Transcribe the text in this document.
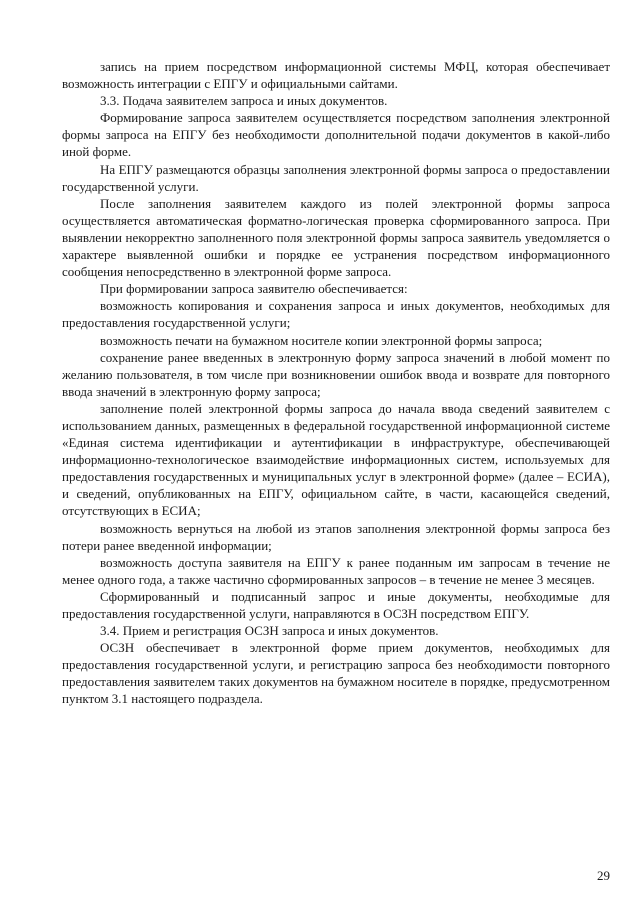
запись на прием посредством информационной системы МФЦ, которая обеспечивает возможность интеграции с ЕПГУ и официальными сайтами.

3.3. Подача заявителем запроса и иных документов.

Формирование запроса заявителем осуществляется посредством заполнения электронной формы запроса на ЕПГУ без необходимости дополнительной подачи документов в какой-либо иной форме.

На ЕПГУ размещаются образцы заполнения электронной формы запроса о предоставлении государственной услуги.

После заполнения заявителем каждого из полей электронной формы запроса осуществляется автоматическая форматно-логическая проверка сформированного запроса. При выявлении некорректно заполненного поля электронной формы запроса заявитель уведомляется о характере выявленной ошибки и порядке ее устранения посредством информационного сообщения непосредственно в электронной форме запроса.

При формировании запроса заявителю обеспечивается:

возможность копирования и сохранения запроса и иных документов, необходимых для предоставления государственной услуги;

возможность печати на бумажном носителе копии электронной формы запроса;

сохранение ранее введенных в электронную форму запроса значений в любой момент по желанию пользователя, в том числе при возникновении ошибок ввода и возврате для повторного ввода значений в электронную форму запроса;

заполнение полей электронной формы запроса до начала ввода сведений заявителем с использованием данных, размещенных в федеральной государственной информационной системе «Единая система идентификации и аутентификации в инфраструктуре, обеспечивающей информационно-технологическое взаимодействие информационных систем, используемых для предоставления государственных и муниципальных услуг в электронной форме» (далее – ЕСИА), и сведений, опубликованных на ЕПГУ, официальном сайте, в части, касающейся сведений, отсутствующих в ЕСИА;

возможность вернуться на любой из этапов заполнения электронной формы запроса без потери ранее введенной информации;

возможность доступа заявителя на ЕПГУ к ранее поданным им запросам в течение не менее одного года, а также частично сформированных запросов – в течение не менее 3 месяцев.

Сформированный и подписанный запрос и иные документы, необходимые для предоставления государственной услуги, направляются в ОСЗН посредством ЕПГУ.

3.4. Прием и регистрация ОСЗН запроса и иных документов.

ОСЗН обеспечивает в электронной форме прием документов, необходимых для предоставления государственной услуги, и регистрацию запроса без необходимости повторного предоставления заявителем таких документов на бумажном носителе в порядке, предусмотренном пунктом 3.1 настоящего подраздела.

29
